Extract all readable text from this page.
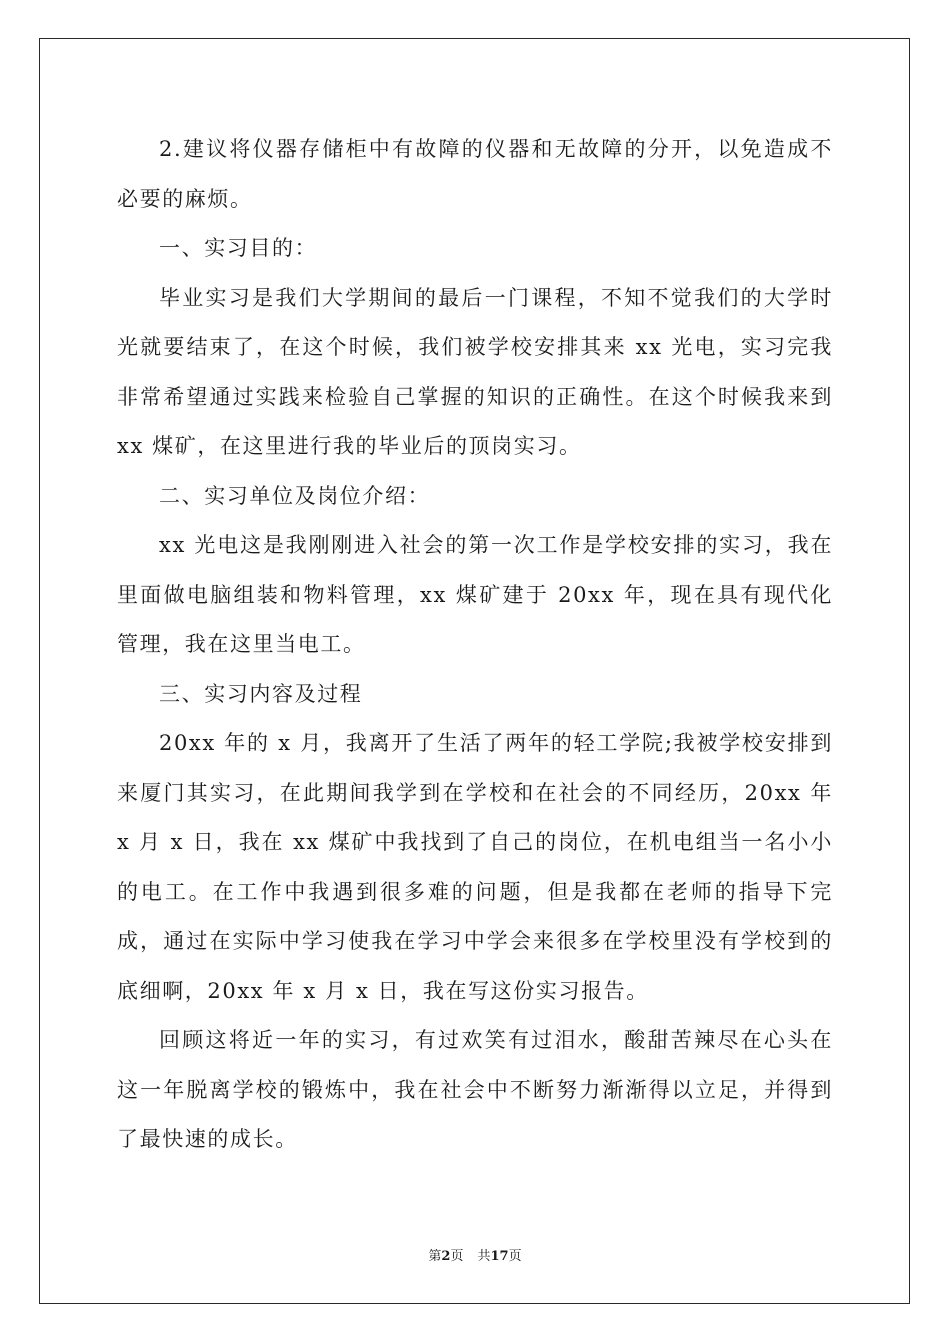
2.建议将仪器存储柜中有故障的仪器和无故障的分开，以免造成不必要的麻烦。

一、实习目的：

毕业实习是我们大学期间的最后一门课程，不知不觉我们的大学时光就要结束了，在这个时候，我们被学校安排其来 xx 光电，实习完我非常希望通过实践来检验自己掌握的知识的正确性。在这个时候我来到 xx 煤矿，在这里进行我的毕业后的顶岗实习。

二、实习单位及岗位介绍：

xx 光电这是我刚刚进入社会的第一次工作是学校安排的实习，我在里面做电脑组装和物料管理，xx 煤矿建于 20xx 年，现在具有现代化管理，我在这里当电工。

三、实习内容及过程

20xx 年的 x 月，我离开了生活了两年的轻工学院;我被学校安排到来厦门其实习，在此期间我学到在学校和在社会的不同经历，20xx 年 x 月 x 日，我在 xx 煤矿中我找到了自己的岗位，在机电组当一名小小的电工。在工作中我遇到很多难的问题，但是我都在老师的指导下完成，通过在实际中学习使我在学习中学会来很多在学校里没有学校到的底细啊，20xx 年 x 月 x 日，我在写这份实习报告。

回顾这将近一年的实习，有过欢笑有过泪水，酸甜苦辣尽在心头在这一年脱离学校的锻炼中，我在社会中不断努力渐渐得以立足，并得到了最快速的成长。

第2页 共17页
